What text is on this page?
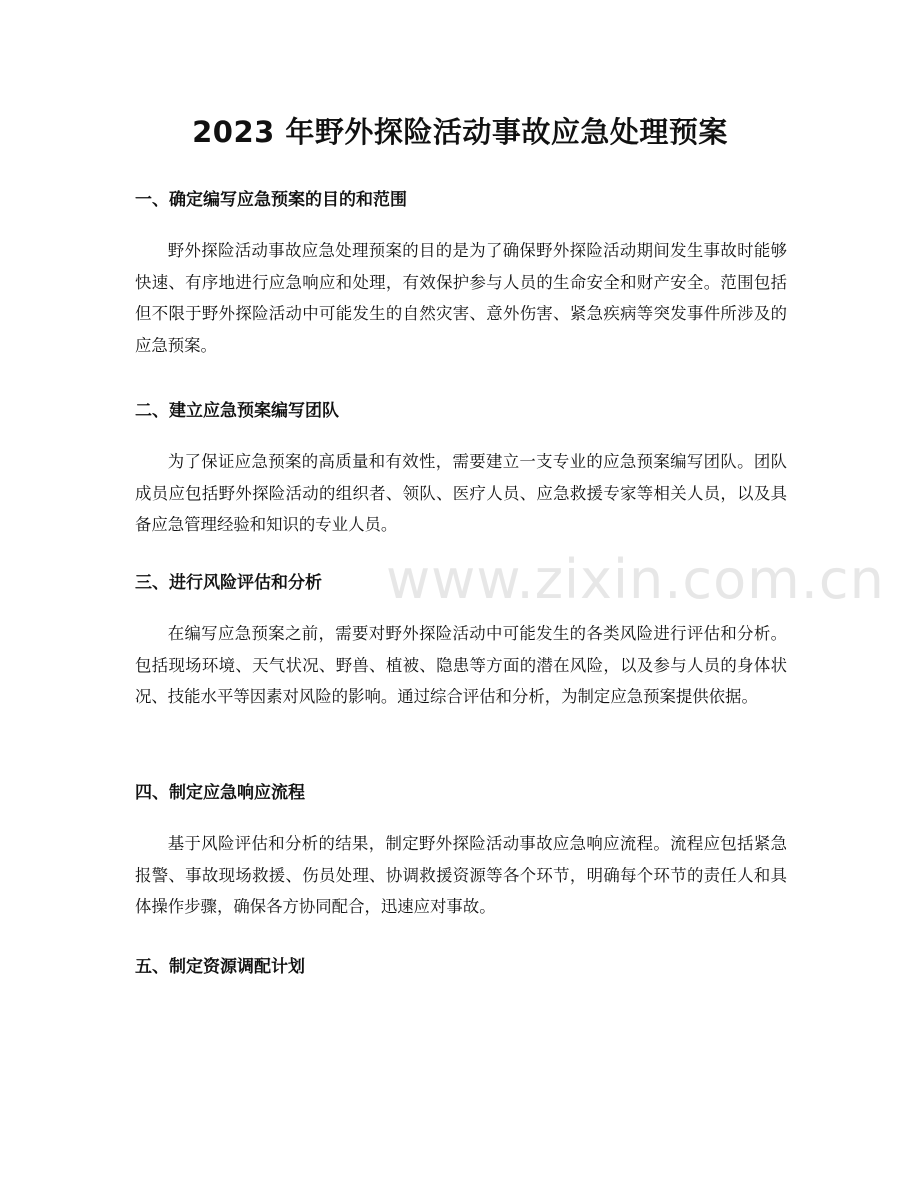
2023 年野外探险活动事故应急处理预案
一、确定编写应急预案的目的和范围

野外探险活动事故应急处理预案的目的是为了确保野外探险活动期间发生事故时能够快速、有序地进行应急响应和处理，有效保护参与人员的生命安全和财产安全。范围包括但不限于野外探险活动中可能发生的自然灾害、意外伤害、紧急疾病等突发事件所涉及的应急预案。

二、建立应急预案编写团队

为了保证应急预案的高质量和有效性，需要建立一支专业的应急预案编写团队。团队成员应包括野外探险活动的组织者、领队、医疗人员、应急救援专家等相关人员，以及具备应急管理经验和知识的专业人员。

www.zixin.com.cn
三、进行风险评估和分析

在编写应急预案之前，需要对野外探险活动中可能发生的各类风险进行评估和分析。包括现场环境、天气状况、野兽、植被、隐患等方面的潜在风险，以及参与人员的身体状况、技能水平等因素对风险的影响。通过综合评估和分析，为制定应急预案提供依据。

四、制定应急响应流程

基于风险评估和分析的结果，制定野外探险活动事故应急响应流程。流程应包括紧急报警、事故现场救援、伤员处理、协调救援资源等各个环节，明确每个环节的责任人和具体操作步骤，确保各方协同配合，迅速应对事故。

五、制定资源调配计划
